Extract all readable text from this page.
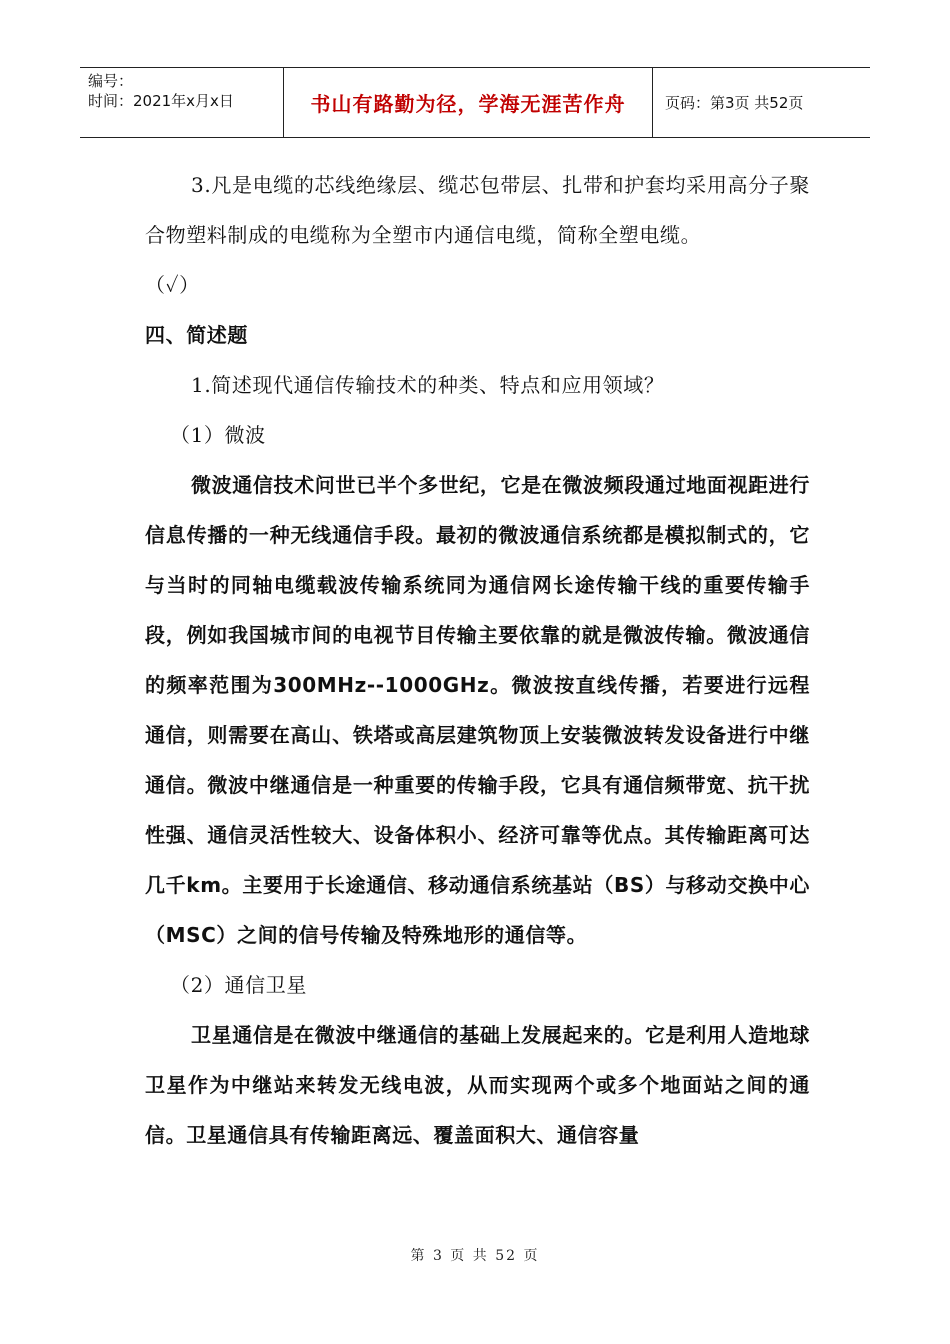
编号：
时间：2021年x月x日	书山有路勤为径，学海无涯苦作舟	页码：第3页 共52页

3.凡是电缆的芯线绝缘层、缆芯包带层、扎带和护套均采用高分子聚合物塑料制成的电缆称为全塑市内通信电缆，简称全塑电缆。

（✓）

四、简述题

1.简述现代通信传输技术的种类、特点和应用领域？

（1）微波

微波通信技术问世已半个多世纪，它是在微波频段通过地面视距进行信息传播的一种无线通信手段。最初的微波通信系统都是模拟制式的，它与当时的同轴电缆载波传输系统同为通信网长途传输干线的重要传输手段，例如我国城市间的电视节目传输主要依靠的就是微波传输。微波通信的频率范围为300MHz--1000GHz。微波按直线传播，若要进行远程通信，则需要在高山、铁塔或高层建筑物顶上安装微波转发设备进行中继通信。微波中继通信是一种重要的传输手段，它具有通信频带宽、抗干扰性强、通信灵活性较大、设备体积小、经济可靠等优点。其传输距离可达几千km。主要用于长途通信、移动通信系统基站（BS）与移动交换中心（MSC）之间的信号传输及特殊地形的通信等。

（2）通信卫星

卫星通信是在微波中继通信的基础上发展起来的。它是利用人造地球卫星作为中继站来转发无线电波，从而实现两个或多个地面站之间的通信。卫星通信具有传输距离远、覆盖面积大、通信容量

第 3 页 共 52 页
